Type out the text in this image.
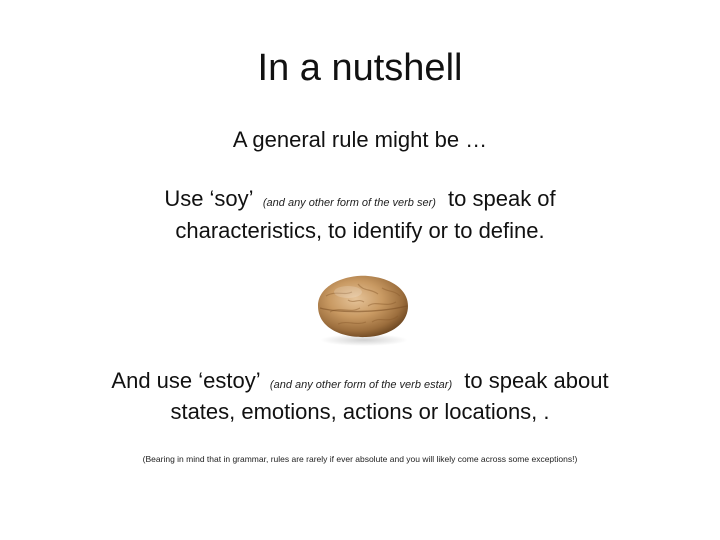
In a nutshell
A general rule might be …
Use ‘soy’ (and any other form of the verb ser) to speak of
characteristics, to identify or to define.
And use ‘estoy’ (and any other form of the verb estar) to speak about
states, emotions, actions or locations, .
(Bearing in mind that in grammar, rules are rarely if ever absolute and you will likely come across some exceptions!)
